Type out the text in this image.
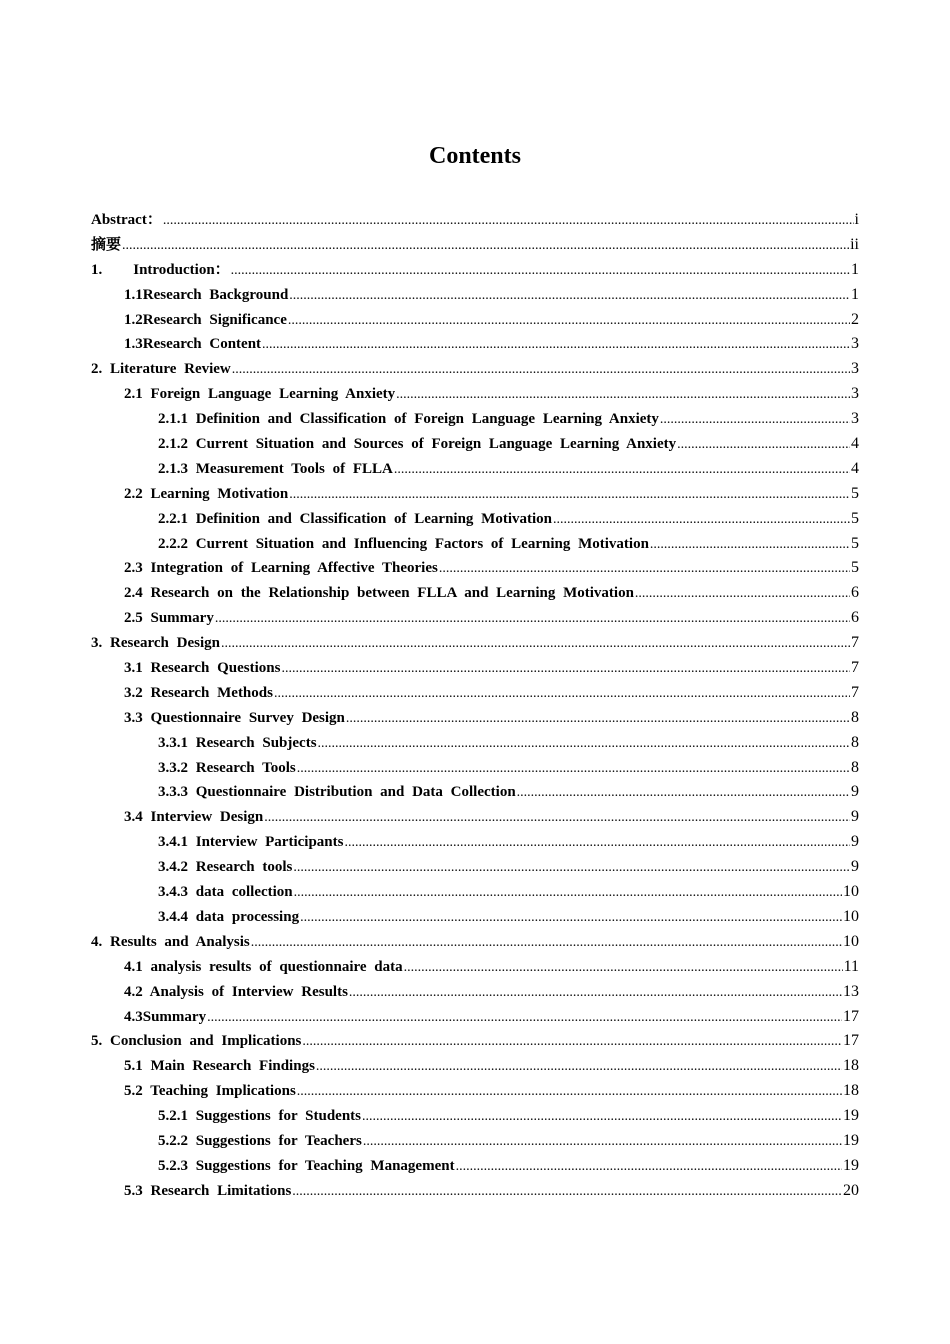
Contents
Abstract： .....	i
摘要 .....	ii
1.    Introduction： .....	1
1.1Research Background .....	1
1.2Research Significance .....	2
1.3Research Content .....	3
2. Literature Review .....	3
2.1 Foreign Language Learning Anxiety .....	3
2.1.1 Definition and Classification of Foreign Language Learning Anxiety .....	3
2.1.2 Current Situation and Sources of Foreign Language Learning Anxiety .....	4
2.1.3 Measurement Tools of FLLA .....	4
2.2 Learning Motivation .....	5
2.2.1 Definition and Classification of Learning Motivation .....	5
2.2.2 Current Situation and Influencing Factors of Learning Motivation .....	5
2.3 Integration of Learning Affective Theories .....	5
2.4 Research on the Relationship between FLLA and Learning Motivation .....	6
2.5 Summary .....	6
3. Research Design .....	7
3.1 Research Questions .....	7
3.2 Research Methods .....	7
3.3 Questionnaire Survey Design .....	8
3.3.1 Research Subjects .....	8
3.3.2 Research Tools .....	8
3.3.3 Questionnaire Distribution and Data Collection .....	9
3.4 Interview Design .....	9
3.4.1 Interview Participants .....	9
3.4.2 Research tools .....	9
3.4.3 data collection .....	10
3.4.4 data processing .....	10
4. Results and Analysis .....	10
4.1 analysis results of questionnaire data .....	11
4.2 Analysis of Interview Results .....	13
4.3Summary .....	17
5. Conclusion and Implications .....	17
5.1 Main Research Findings .....	18
5.2 Teaching Implications .....	18
5.2.1 Suggestions for Students .....	19
5.2.2 Suggestions for Teachers .....	19
5.2.3 Suggestions for Teaching Management .....	19
5.3 Research Limitations .....	20
